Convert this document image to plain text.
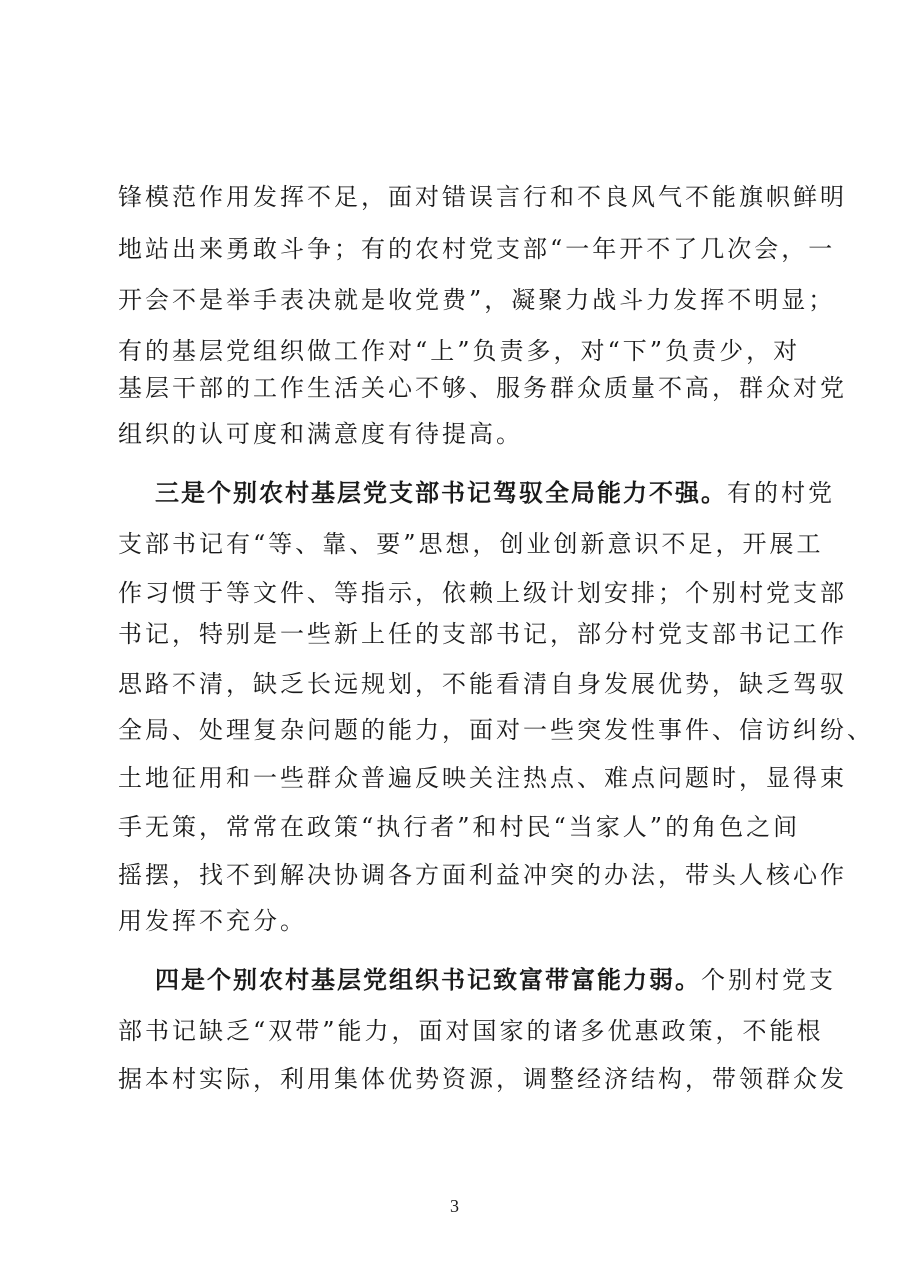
锋模范作用发挥不足，面对错误言行和不良风气不能旗帜鲜明
地站出来勇敢斗争；有的农村党支部“一年开不了几次会，一
开会不是举手表决就是收党费”，凝聚力战斗力发挥不明显；
有的基层党组织做工作对“上”负责多，对“下”负责少，对
基层干部的工作生活关心不够、服务群众质量不高，群众对党
组织的认可度和满意度有待提高。
三是个别农村基层党支部书记驾驭全局能力不强。有的村党
支部书记有“等、靠、要”思想，创业创新意识不足，开展工
作习惯于等文件、等指示，依赖上级计划安排；个别村党支部
书记，特别是一些新上任的支部书记，部分村党支部书记工作
思路不清，缺乏长远规划，不能看清自身发展优势，缺乏驾驭
全局、处理复杂问题的能力，面对一些突发性事件、信访纠纷、
土地征用和一些群众普遍反映关注热点、难点问题时，显得束
手无策，常常在政策“执行者”和村民“当家人”的角色之间
摇摆，找不到解决协调各方面利益冲突的办法，带头人核心作
用发挥不充分。
四是个别农村基层党组织书记致富带富能力弱。个别村党支
部书记缺乏“双带”能力，面对国家的诸多优惠政策，不能根
据本村实际，利用集体优势资源，调整经济结构，带领群众发
3
